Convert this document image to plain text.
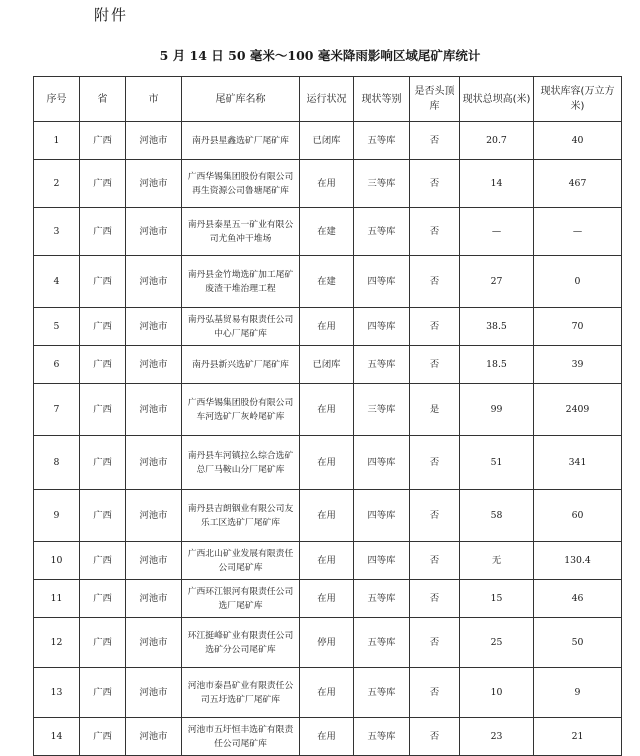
附件
5 月 14 日 50 毫米～100 毫米降雨影响区域尾矿库统计
序号	省	市	尾矿库名称	运行状况	现状等别	是否头顶库	现状总坝高(米)	现状库容(万立方米)
1	广西	河池市	南丹县星鑫选矿厂尾矿库	已闭库	五等库	否	20.7	40
2	广西	河池市	广西华锡集团股份有限公司再生资源公司鲁塘尾矿库	在用	三等库	否	14	467
3	广西	河池市	南丹县泰星五一矿业有限公司尤鱼冲干堆场	在建	五等库	否	—	—
4	广西	河池市	南丹县金竹坳选矿加工尾矿废渣干堆治理工程	在建	四等库	否	27	0
5	广西	河池市	南丹弘基贸易有限责任公司中心厂尾矿库	在用	四等库	否	38.5	70
6	广西	河池市	南丹县新兴选矿厂尾矿库	已闭库	五等库	否	18.5	39
7	广西	河池市	广西华锡集团股份有限公司车河选矿厂灰岭尾矿库	在用	三等库	是	99	2409
8	广西	河池市	南丹县车河镇拉么综合选矿总厂马鞍山分厂尾矿库	在用	四等库	否	51	341
9	广西	河池市	南丹县吉朗铟业有限公司友乐工区选矿厂尾矿库	在用	四等库	否	58	60
10	广西	河池市	广西北山矿业发展有限责任公司尾矿库	在用	四等库	否	无	130.4
11	广西	河池市	广西环江银河有限责任公司选厂尾矿库	在用	五等库	否	15	46
12	广西	河池市	环江挺峰矿业有限责任公司选矿分公司尾矿库	停用	五等库	否	25	50
13	广西	河池市	河池市泰昌矿业有限责任公司五圩选矿厂尾矿库	在用	五等库	否	10	9
14	广西	河池市	河池市五圩恒丰选矿有限责任公司尾矿库	在用	五等库	否	23	21
